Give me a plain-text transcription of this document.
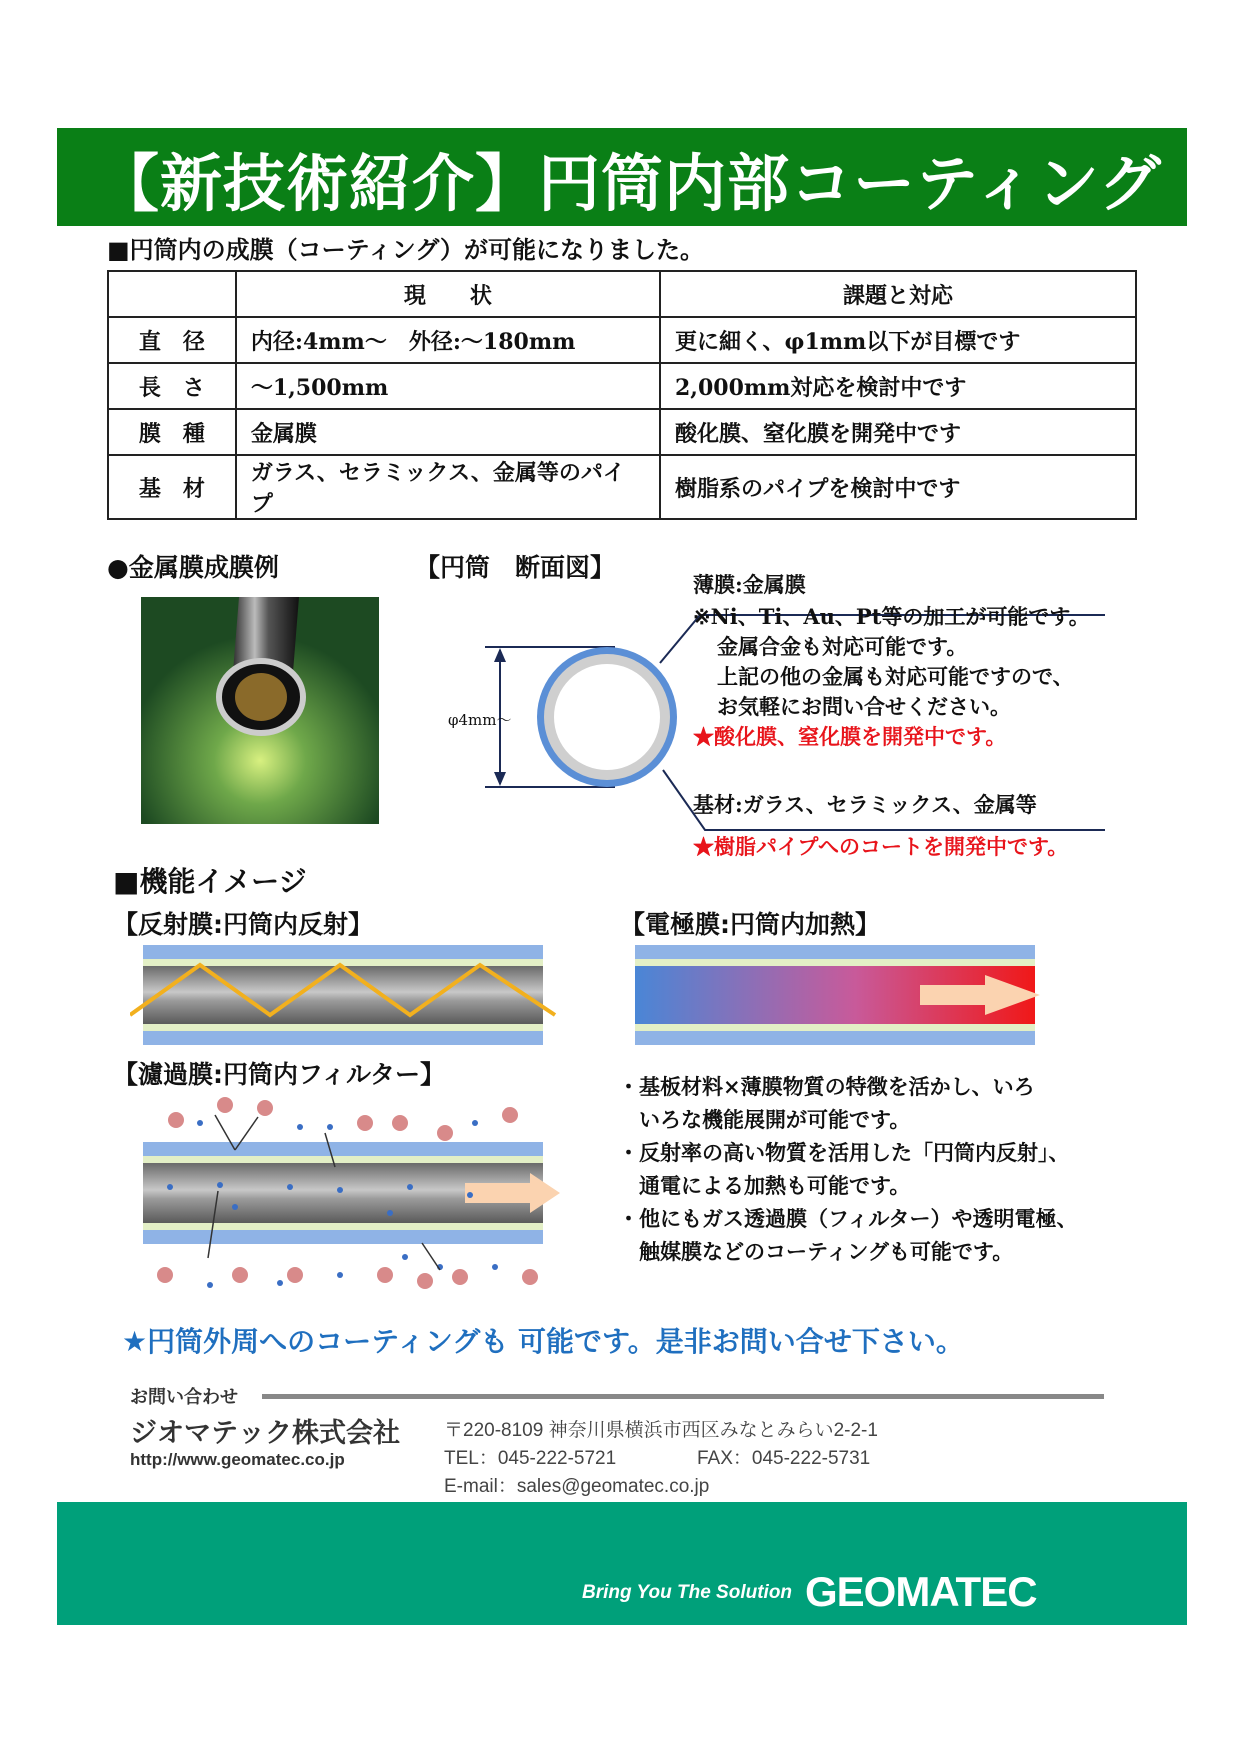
【新技術紹介】円筒内部コーティング
■円筒内の成膜（コーティング）が可能になりました。
	現　　状	課題と対応
直　径	内径:4mm～　外径:～180mm	更に細く、φ1mm以下が目標です
長　さ	～1,500mm	2,000mm対応を検討中です
膜　種	金属膜	酸化膜、窒化膜を開発中です
基　材	ガラス、セラミックス、金属等のパイプ	樹脂系のパイプを検討中です
●金属膜成膜例	【円筒　断面図】
φ4mm～
薄膜:金属膜
※Ni、Ti、Au、Pt等の加工が可能です。
金属合金も対応可能です。
上記の他の金属も対応可能ですので、
お気軽にお問い合せください。
★酸化膜、窒化膜を開発中です。
基材:ガラス、セラミックス、金属等
★樹脂パイプへのコートを開発中です。
■機能イメージ
【反射膜:円筒内反射】	【電極膜:円筒内加熱】
【濾過膜:円筒内フィルター】	・基板材料×薄膜物質の特徴を活かし、いろ
　いろな機能展開が可能です。
・反射率の高い物質を活用した「円筒内反射」、
　通電による加熱も可能です。
・他にもガス透過膜（フィルター）や透明電極、
　触媒膜などのコーティングも可能です。
★円筒外周へのコーティングも 可能です。是非お問い合せ下さい。
お問い合わせ
ジオマテック株式会社
http://www.geomatec.co.jp
〒220-8109 神奈川県横浜市西区みなとみらい2-2-1
TEL：045-222-5721	FAX：045-222-5731
E-mail：sales@geomatec.co.jp
Bring You The Solution GEOMATEC
